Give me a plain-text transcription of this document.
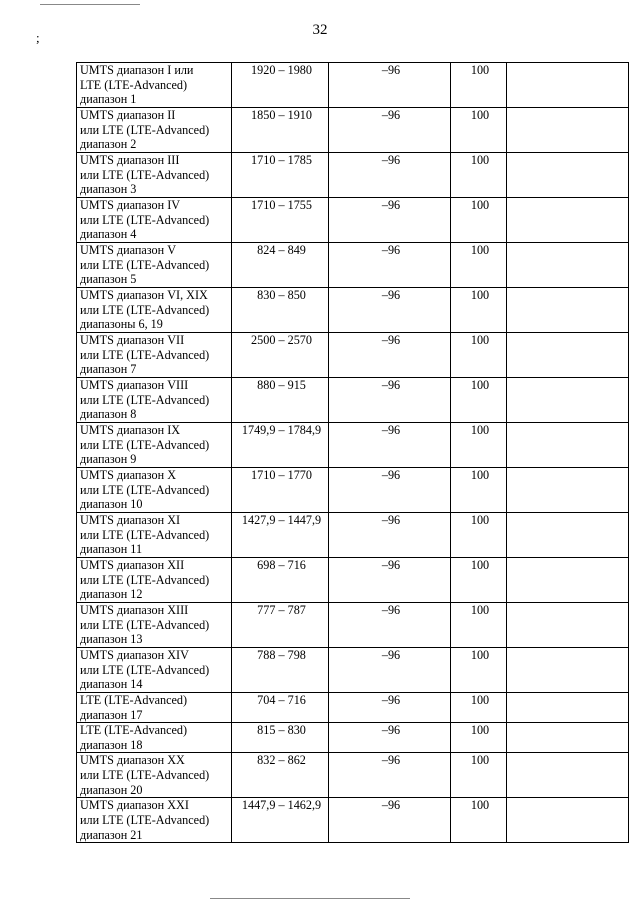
32
;
UMTS диапазон I или
LTE (LTE-Advanced)
диапазон 1	1920 – 1980	–96	100	

UMTS диапазон II
или LTE (LTE-Advanced)
диапазон 2	1850 – 1910	–96	100	

UMTS диапазон III
или LTE (LTE-Advanced)
диапазон 3	1710 – 1785	–96	100	

UMTS диапазон IV
или LTE (LTE-Advanced)
диапазон 4	1710 – 1755	–96	100	

UMTS диапазон V
или LTE (LTE-Advanced)
диапазон 5	824 – 849	–96	100	

UMTS диапазон VI, XIX
или LTE (LTE-Advanced)
диапазоны 6, 19	830 – 850	–96	100	

UMTS диапазон VII
или LTE (LTE-Advanced)
диапазон 7	2500 – 2570	–96	100	

UMTS диапазон VIII
или LTE (LTE-Advanced)
диапазон 8	880 – 915	–96	100	

UMTS диапазон IX
или LTE (LTE-Advanced)
диапазон 9	1749,9 – 1784,9	–96	100	

UMTS диапазон X
или LTE (LTE-Advanced)
диапазон 10	1710 – 1770	–96	100	

UMTS диапазон XI
или LTE (LTE-Advanced)
диапазон 11	1427,9 – 1447,9	–96	100	

UMTS диапазон XII
или LTE (LTE-Advanced)
диапазон 12	698 – 716	–96	100	

UMTS диапазон XIII
или LTE (LTE-Advanced)
диапазон 13	777 – 787	–96	100	

UMTS диапазон XIV
или LTE (LTE-Advanced)
диапазон 14	788 – 798	–96	100	

LTE (LTE-Advanced)
диапазон 17	704 – 716	–96	100	

LTE (LTE-Advanced)
диапазон 18	815 – 830	–96	100	

UMTS диапазон XX
или LTE (LTE-Advanced)
диапазон 20	832 – 862	–96	100	

UMTS диапазон XXI
или LTE (LTE-Advanced)
диапазон 21	1447,9 – 1462,9	–96	100	
